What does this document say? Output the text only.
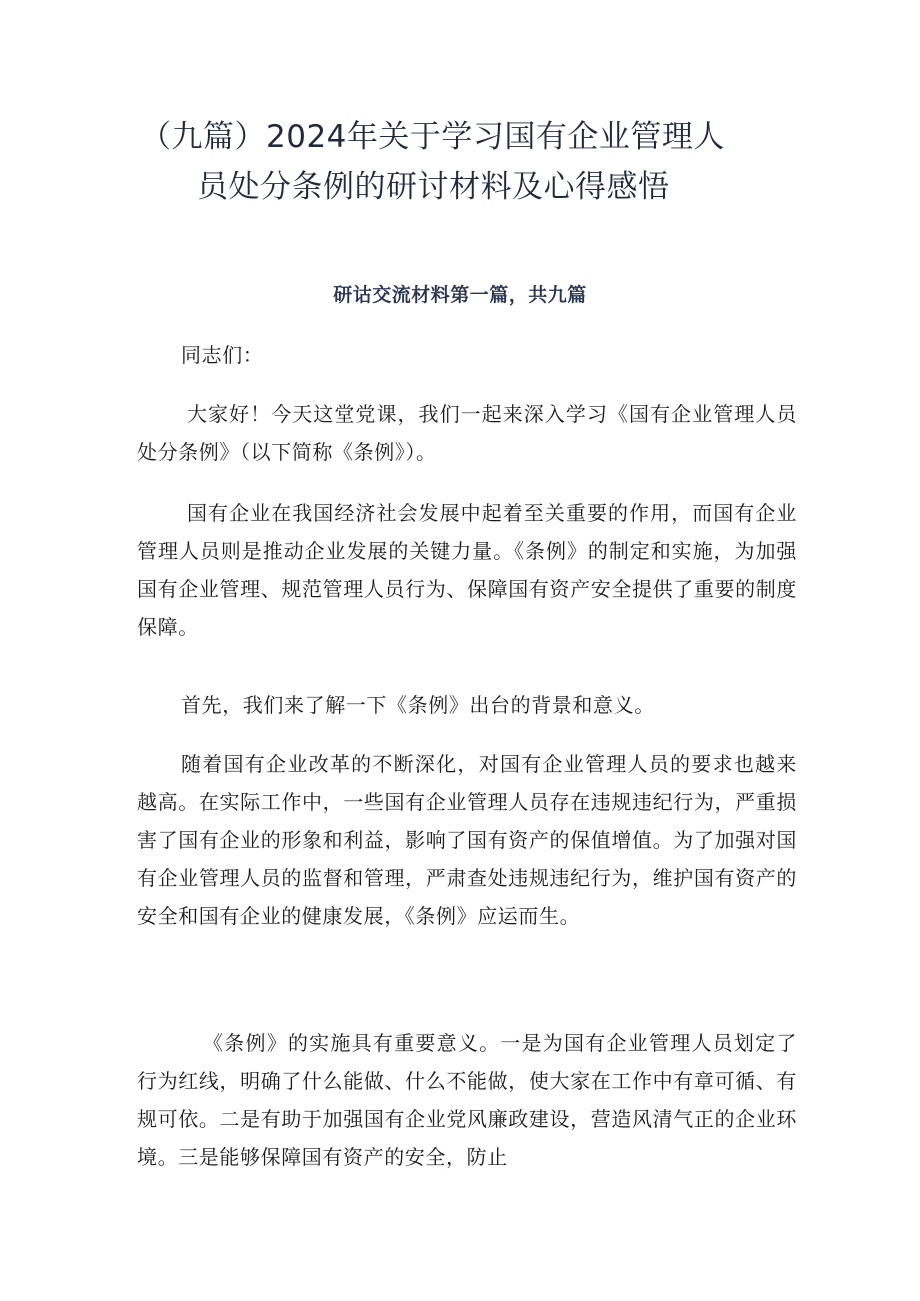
（九篇）2024年关于学习国有企业管理人
员处分条例的研讨材料及心得感悟
研诂交流材料第一篇，共九篇

同志们：

大家好！今天这堂党课，我们一起来深入学习《国有企业管理人员处分条例》（以下简称《条例》）。

国有企业在我国经济社会发展中起着至关重要的作用，而国有企业管理人员则是推动企业发展的关键力量。《条例》的制定和实施，为加强国有企业管理、规范管理人员行为、保障国有资产安全提供了重要的制度保障。

首先，我们来了解一下《条例》出台的背景和意义。

随着国有企业改革的不断深化，对国有企业管理人员的要求也越来越高。在实际工作中，一些国有企业管理人员存在违规违纪行为，严重损害了国有企业的形象和利益，影响了国有资产的保值增值。为了加强对国有企业管理人员的监督和管理，严肃查处违规违纪行为，维护国有资产的安全和国有企业的健康发展，《条例》应运而生。

《条例》的实施具有重要意义。一是为国有企业管理人员划定了行为红线，明确了什么能做、什么不能做，使大家在工作中有章可循、有规可依。二是有助于加强国有企业党风廉政建设，营造风清气正的企业环境。三是能够保障国有资产的安全，防止
